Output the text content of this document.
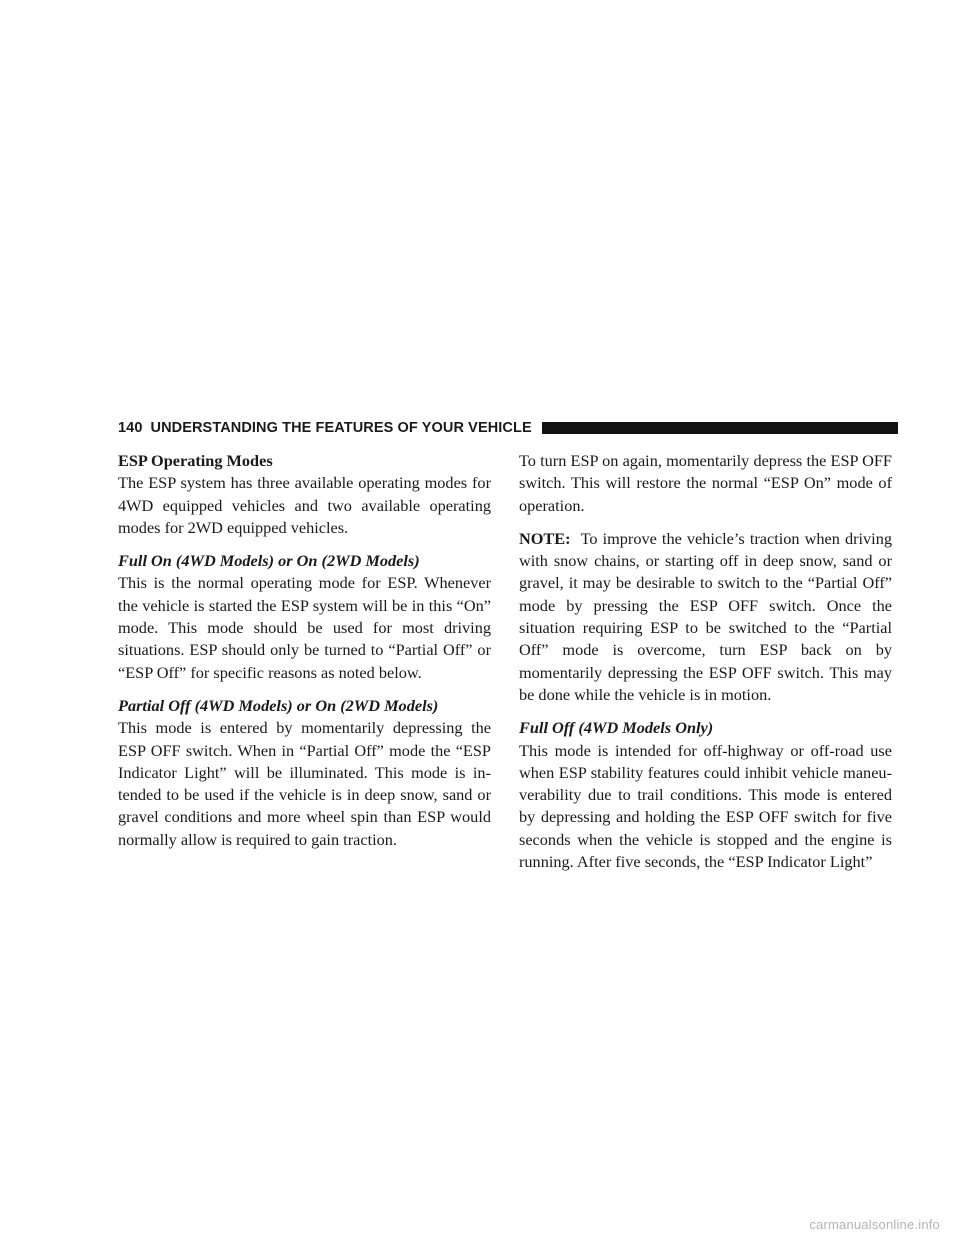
140 UNDERSTANDING THE FEATURES OF YOUR VEHICLE
ESP Operating Modes

The ESP system has three available operating modes for 4WD equipped vehicles and two available operating modes for 2WD equipped vehicles.

Full On (4WD Models) or On (2WD Models)

This is the normal operating mode for ESP. Whenever the vehicle is started the ESP system will be in this “On” mode. This mode should be used for most driving situations. ESP should only be turned to “Partial Off” or “ESP Off” for specific reasons as noted below.

Partial Off (4WD Models) or On (2WD Models)

This mode is entered by momentarily depressing the ESP OFF switch. When in “Partial Off” mode the “ESP Indicator Light” will be illuminated. This mode is in-tended to be used if the vehicle is in deep snow, sand or gravel conditions and more wheel spin than ESP would normally allow is required to gain traction.

To turn ESP on again, momentarily depress the ESP OFF switch. This will restore the normal “ESP On” mode of operation.

NOTE: To improve the vehicle’s traction when driving with snow chains, or starting off in deep snow, sand or gravel, it may be desirable to switch to the “Partial Off” mode by pressing the ESP OFF switch. Once the situation requiring ESP to be switched to the “Partial Off” mode is overcome, turn ESP back on by momentarily depressing the ESP OFF switch. This may be done while the vehicle is in motion.

Full Off (4WD Models Only)

This mode is intended for off-highway or off-road use when ESP stability features could inhibit vehicle maneu-verability due to trail conditions. This mode is entered by depressing and holding the ESP OFF switch for five seconds when the vehicle is stopped and the engine is running. After five seconds, the “ESP Indicator Light”

carmanualsonline.info
